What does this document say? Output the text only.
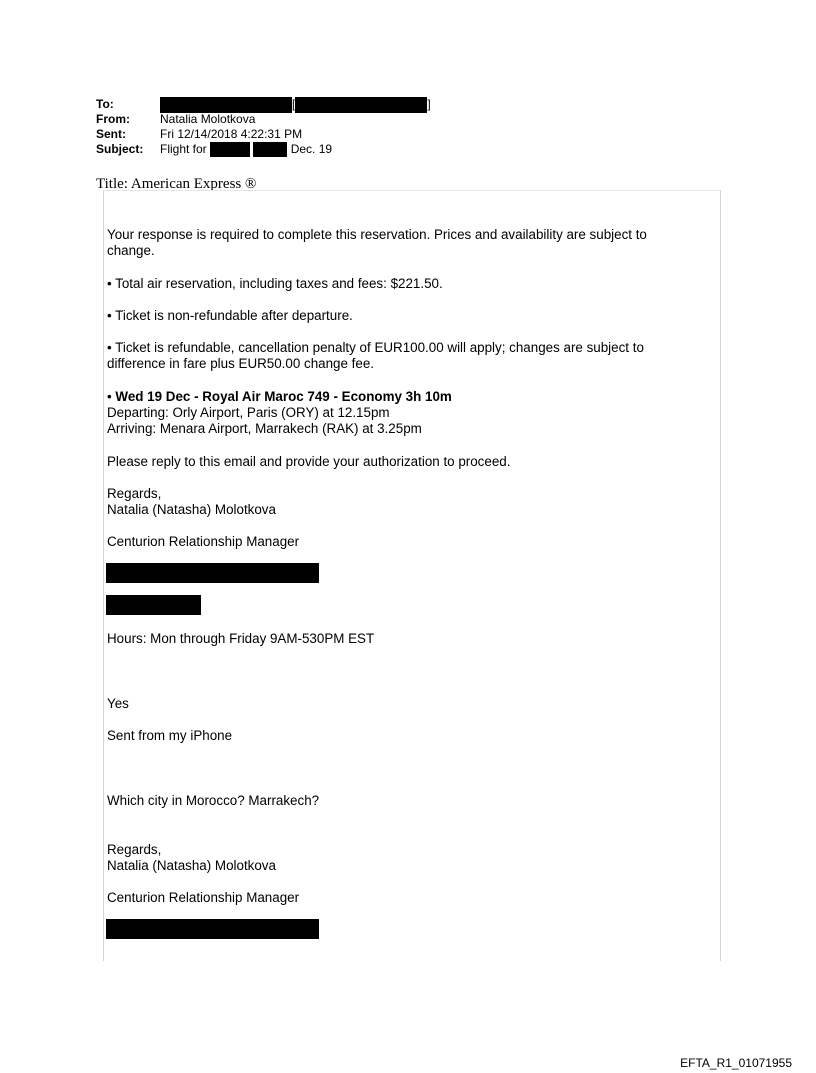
To:	[	]
From:	Natalia Molotkova
Sent:	Fri 12/14/2018 4:22:31 PM
Subject: Flight for	Dec. 19
Title: American Express ®
Your response is required to complete this reservation. Prices and availability are subject to change.
• Total air reservation, including taxes and fees: $221.50.
• Ticket is non-refundable after departure.
• Ticket is refundable, cancellation penalty of EUR100.00 will apply; changes are subject to difference in fare plus EUR50.00 change fee.
• Wed 19 Dec - Royal Air Maroc 749 - Economy 3h 10m
Departing: Orly Airport, Paris (ORY) at 12.15pm
Arriving: Menara Airport, Marrakech (RAK) at 3.25pm
Please reply to this email and provide your authorization to proceed.
Regards,
Natalia (Natasha) Molotkova
Centurion Relationship Manager
Hours: Mon through Friday 9AM-530PM EST
Yes
Sent from my iPhone
Which city in Morocco? Marrakech?
Regards,
Natalia (Natasha) Molotkova
Centurion Relationship Manager
EFTA_R1_01071955
